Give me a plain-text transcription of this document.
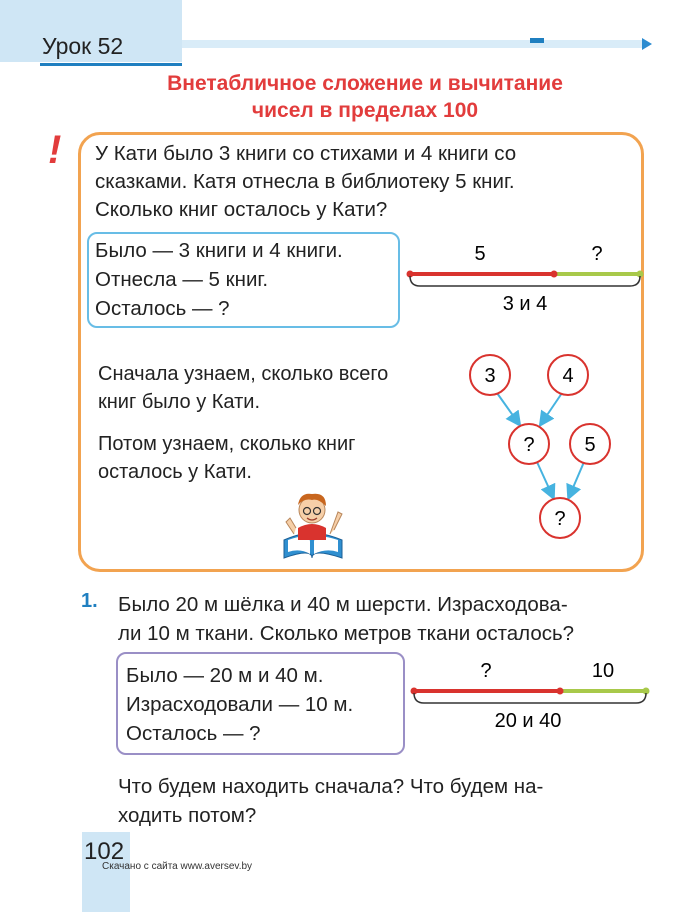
Урок 52
Внетабличное сложение и вычитание
чисел в пределах 100
! У Кати было 3 книги со стихами и 4 книги со
сказками. Катя отнесла в библиотеку 5 книг.
Сколько книг осталось у Кати?
Было — 3 книги и 4 книги.
Отнесла — 5 книг.
Осталось — ?
Сначала узнаем, сколько всего
книг было у Кати.
Потом узнаем, сколько книг
осталось у Кати.
1. Было 20 м шёлка и 40 м шерсти. Израсходова-
ли 10 м ткани. Сколько метров ткани осталось?
Было — 20 м и 40 м.
Израсходовали — 10 м.
Осталось — ?
Что будем находить сначала? Что будем на-
ходить потом?
102
Скачано с сайта www.aversev.by
5	?
3 и 4
3	4
? 5
?
?	10
20 и 40
